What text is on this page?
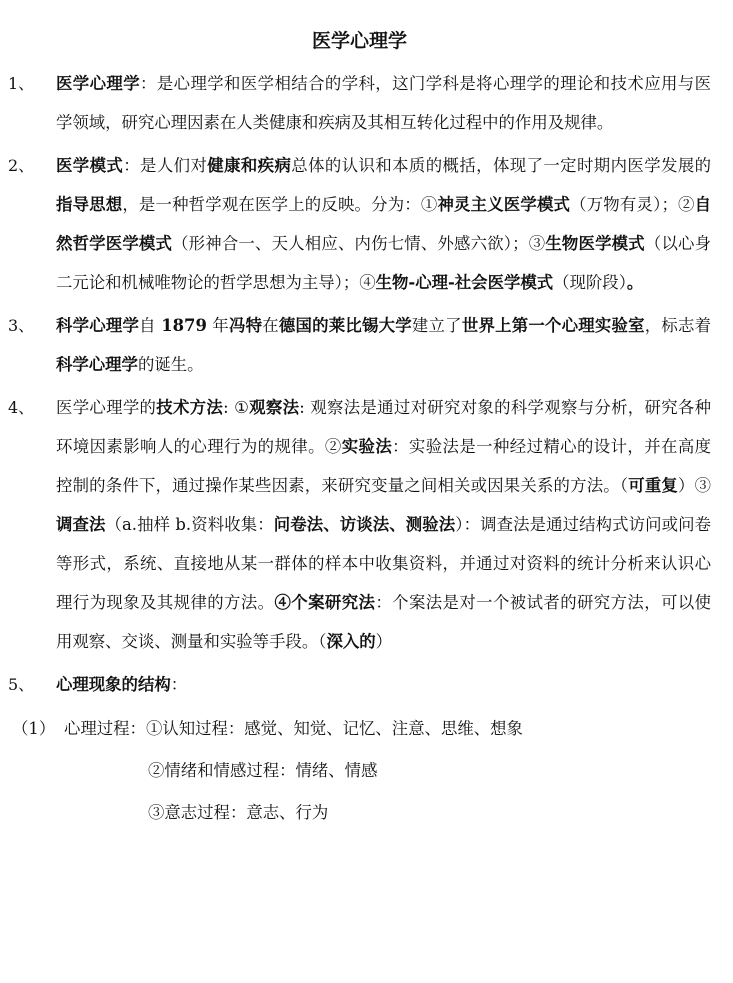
医学心理学
1、	医学心理学：是心理学和医学相结合的学科，这门学科是将心理学的理论和技术应用与医学领域，研究心理因素在人类健康和疾病及其相互转化过程中的作用及规律。
2、	医学模式：是人们对健康和疾病总体的认识和本质的概括，体现了一定时期内医学发展的指导思想，是一种哲学观在医学上的反映。分为：①神灵主义医学模式（万物有灵）；②自然哲学医学模式（形神合一、天人相应、内伤七情、外感六欲）；③生物医学模式（以心身二元论和机械唯物论的哲学思想为主导）；④生物-心理-社会医学模式（现阶段）。
3、	科学心理学自 1879 年冯特在德国的莱比锡大学建立了世界上第一个心理实验室，标志着科学心理学的诞生。
4、	医学心理学的技术方法: ①观察法: 观察法是通过对研究对象的科学观察与分析，研究各种环境因素影响人的心理行为的规律。②实验法：实验法是一种经过精心的设计，并在高度控制的条件下，通过操作某些因素，来研究变量之间相关或因果关系的方法。（可重复）③调查法（a.抽样 b.资料收集：问卷法、访谈法、测验法）：调查法是通过结构式访问或问卷等形式，系统、直接地从某一群体的样本中收集资料，并通过对资料的统计分析来认识心理行为现象及其规律的方法。④个案研究法：个案法是对一个被试者的研究方法，可以使用观察、交谈、测量和实验等手段。（深入的）
5、	心理现象的结构：
（1） 心理过程：①认知过程：感觉、知觉、记忆、注意、思维、想象
②情绪和情感过程：情绪、情感
③意志过程：意志、行为
